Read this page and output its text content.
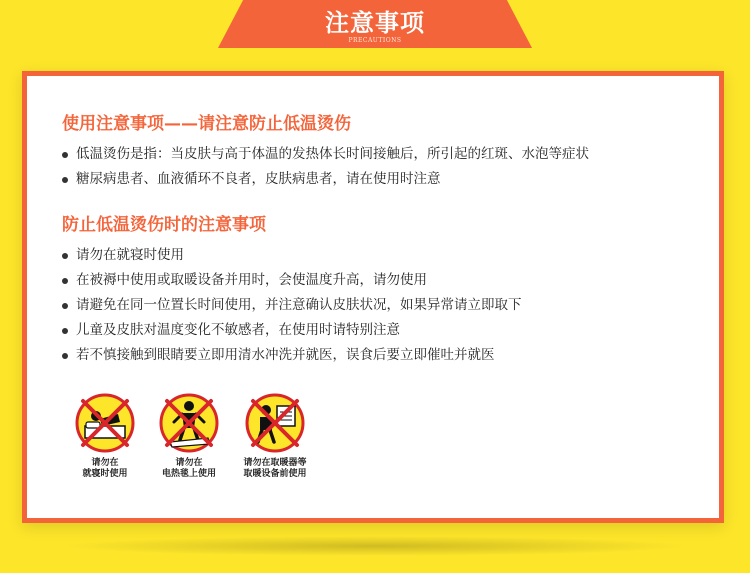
注意事项
PRECAUTIONS
使用注意事项——请注意防止低温烫伤
低温烫伤是指：当皮肤与高于体温的发热体长时间接触后，所引起的红斑、水泡等症状
糖尿病患者、血液循环不良者，皮肤病患者，请在使用时注意
防止低温烫伤时的注意事项
请勿在就寝时使用
在被褥中使用或取暖设备并用时，会使温度升高，请勿使用
请避免在同一位置长时间使用，并注意确认皮肤状况，如果异常请立即取下
儿童及皮肤对温度变化不敏感者，在使用时请特别注意
若不慎接触到眼睛要立即用清水冲洗并就医，误食后要立即催吐并就医
请勿在
就寝时使用
请勿在
电热毯上使用
请勿在取暖器等
取暖设备前使用
